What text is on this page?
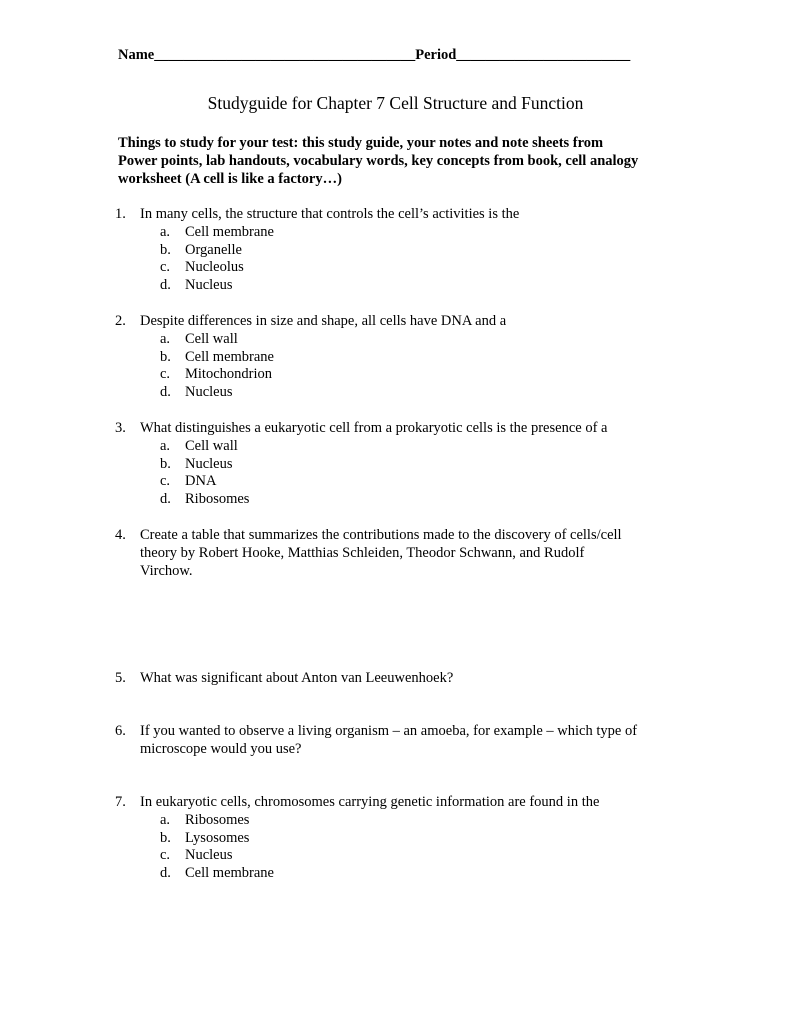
Name____________________________________Period________________________
Studyguide for Chapter 7 Cell Structure and Function
Things to study for your test: this study guide, your notes and note sheets from
Power points, lab handouts, vocabulary words, key concepts from book, cell analogy
worksheet (A cell is like a factory…)
1. In many cells, the structure that controls the cell’s activities is the
a.	Cell membrane
b. Organelle
c.	Nucleolus
d. Nucleus
2. Despite differences in size and shape, all cells have DNA and a
a.	Cell wall
b. Cell membrane
c.	Mitochondrion
d. Nucleus
3. What distinguishes a eukaryotic cell from a prokaryotic cells is the presence of a
a.	Cell wall
b. Nucleus
c.	DNA
d. Ribosomes
4. Create a table that summarizes the contributions made to the discovery of cells/cell
theory by Robert Hooke, Matthias Schleiden, Theodor Schwann, and Rudolf
Virchow.
5. What was significant about Anton van Leeuwenhoek?
6. If you wanted to observe a living organism – an amoeba, for example – which type of
microscope would you use?
7. In eukaryotic cells, chromosomes carrying genetic information are found in the
a.	Ribosomes
b. Lysosomes
c.	Nucleus
d. Cell membrane
